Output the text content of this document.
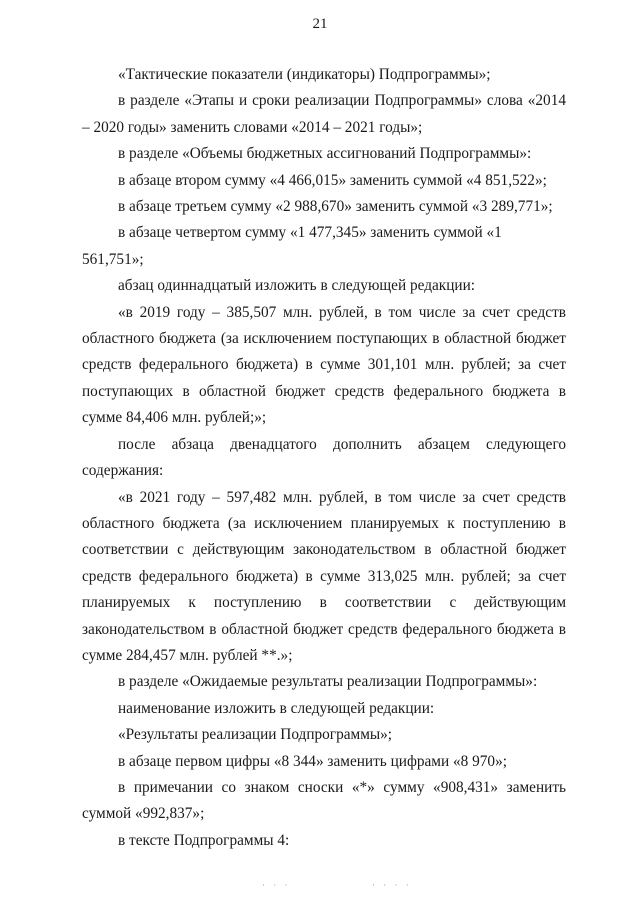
21

«Тактические показатели (индикаторы) Подпрограммы»;

в разделе «Этапы и сроки реализации Подпрограммы» слова «2014 – 2020 годы» заменить словами «2014 – 2021 годы»;

в разделе «Объемы бюджетных ассигнований Подпрограммы»:

в абзаце втором сумму «4 466,015» заменить суммой «4 851,522»;

в абзаце третьем сумму «2 988,670» заменить суммой «3 289,771»;

в абзаце четвертом сумму «1 477,345» заменить суммой «1 561,751»;

абзац одиннадцатый изложить в следующей редакции:

«в 2019 году – 385,507 млн. рублей, в том числе за счет средств областного бюджета (за исключением поступающих в областной бюджет средств федерального бюджета) в сумме 301,101 млн. рублей; за счет поступающих в областной бюджет средств федерального бюджета в сумме 84,406 млн. рублей;»;

после абзаца двенадцатого дополнить абзацем следующего содержания:

«в 2021 году – 597,482 млн. рублей, в том числе за счет средств областного бюджета (за исключением планируемых к поступлению в соответствии с действующим законодательством в областной бюджет средств федерального бюджета) в сумме 313,025 млн. рублей; за счет планируемых к поступлению в соответствии с действующим законодательством в областной бюджет средств федерального бюджета в сумме 284,457 млн. рублей **.»;

в разделе «Ожидаемые результаты реализации Подпрограммы»:

наименование изложить в следующей редакции:

«Результаты реализации Подпрограммы»;

в абзаце первом цифры «8 344» заменить цифрами «8 970»;

в примечании со знаком сноски «*» сумму «908,431» заменить суммой «992,837»;

в тексте Подпрограммы 4:

· · ·	· · · ·
